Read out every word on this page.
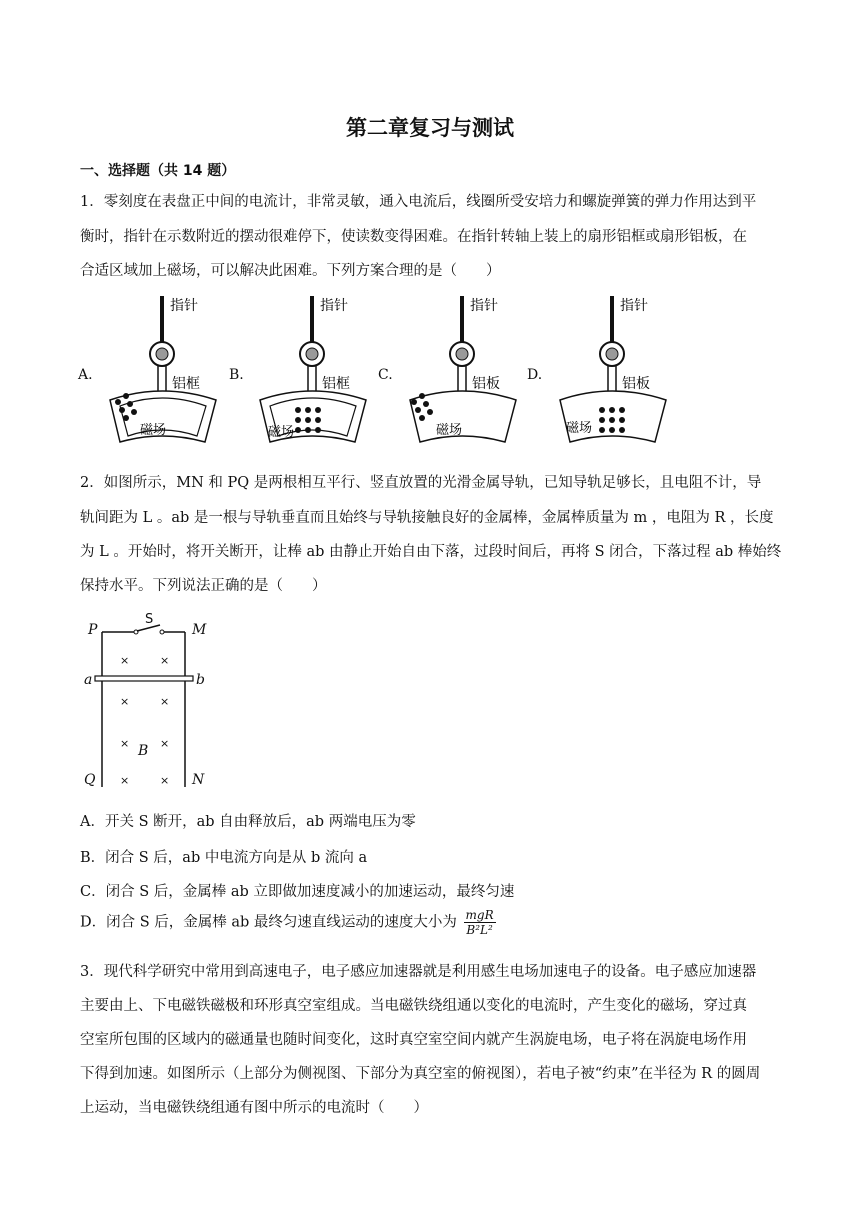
第二章复习与测试
一、选择题（共 14 题）
1．零刻度在表盘正中间的电流计，非常灵敏，通入电流后，线圈所受安培力和螺旋弹簧的弹力作用达到平
衡时，指针在示数附近的摆动很难停下，使读数变得困难。在指针转轴上装上的扇形铝框或扇形铝板，在
合适区域加上磁场，可以解决此困难。下列方案合理的是（　　）
A.
指针
铝框
磁场
B.
指针
铝框
磁场
C.
指针
铝板
磁场
D.
指针
铝板
磁场
2．如图所示，MN 和 PQ 是两根相互平行、竖直放置的光滑金属导轨，已知导轨足够长，且电阻不计，导
轨间距为 L 。ab 是一根与导轨垂直而且始终与导轨接触良好的金属棒，金属棒质量为 m ，电阻为 R ，长度
为 L 。开始时，将开关断开，让棒 ab 由静止开始自由下落，过段时间后，再将 S 闭合，下落过程 ab 棒始终
保持水平。下列说法正确的是（　　）
×	×
×	×
×	×
×	×
P	M
a	b
B
Q	N
S
A．开关 S 断开，ab 自由释放后，ab 两端电压为零
B．闭合 S 后，ab 中电流方向是从 b 流向 a
C．闭合 S 后，金属棒 ab 立即做加速度减小的加速运动，最终匀速
D．闭合 S 后，金属棒 ab 最终匀速直线运动的速度大小为 $\frac{\text{mgR}}{\text{B²L²}}$
3．现代科学研究中常用到高速电子，电子感应加速器就是利用感生电场加速电子的设备。电子感应加速器
主要由上、下电磁铁磁极和环形真空室组成。当电磁铁绕组通以变化的电流时，产生变化的磁场，穿过真
空室所包围的区域内的磁通量也随时间变化，这时真空室空间内就产生涡旋电场，电子将在涡旋电场作用
下得到加速。如图所示（上部分为侧视图、下部分为真空室的俯视图），若电子被“约束”在半径为 R 的圆周
上运动，当电磁铁绕组通有图中所示的电流时（　　）
